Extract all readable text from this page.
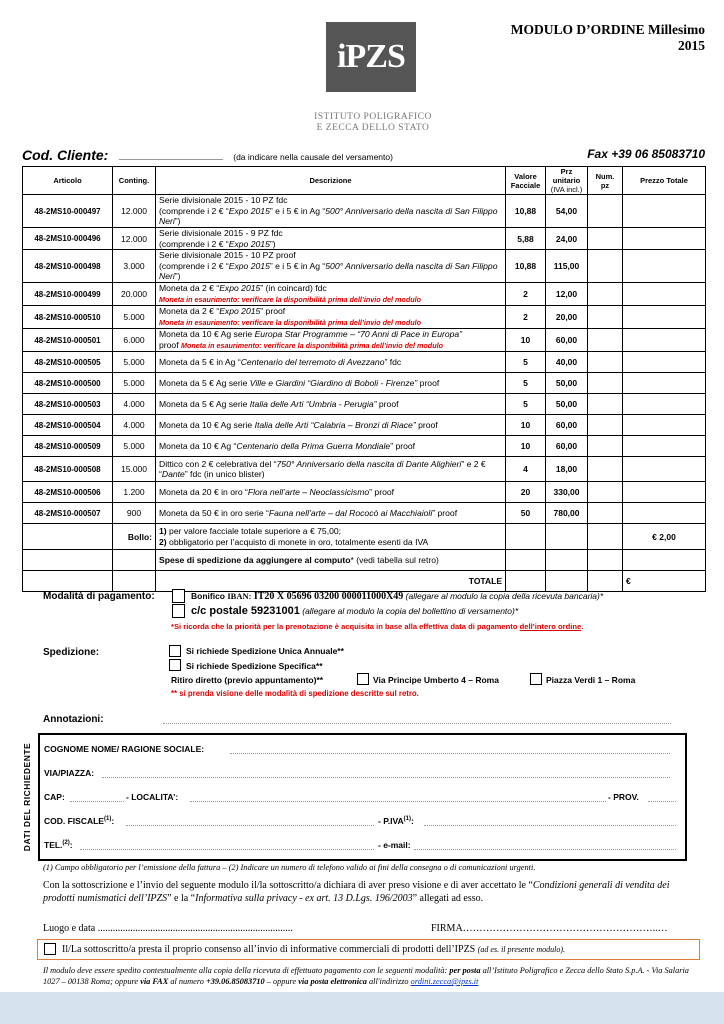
MODULO D’ORDINE Millesimo 2015
iPZS
ISTITUTO POLIGRAFICO
E ZECCA DELLO STATO
Cod. Cliente:	(da indicare nella causale del versamento)	Fax +39 06 85083710
Articolo	Conting.	Descrizione	Valore Facciale	Prz unitario
(IVA incl.)	Num. pz	Prezzo Totale
48-2MS10-000497	12.000	Serie divisionale 2015 - 10 PZ fdc
(comprende i 2 € “Expo 2015” e i 5 € in Ag “500° Anniversario della nascita di San Filippo Neri”)	10,88	54,00		
48-2MS10-000496	12.000	Serie divisionale 2015 - 9 PZ fdc
(comprende i 2 € “Expo 2015”)	5,88	24,00		
48-2MS10-000498	3.000	Serie divisionale 2015 - 10 PZ proof
(comprende i 2 € “Expo 2015” e i 5 € in Ag “500° Anniversario della nascita di San Filippo Neri”)	10,88	115,00		
48-2MS10-000499	20.000	Moneta da 2 € “Expo 2015” (in coincard) fdc
Moneta in esaurimento: verificare la disponibilità prima dell’invio del modulo	2	12,00		
48-2MS10-000510	5.000	Moneta da 2 € “Expo 2015” proof
Moneta in esaurimento: verificare la disponibilità prima dell’invio del modulo	2	20,00		
48-2MS10-000501	6.000	Moneta da 10 € Ag serie Europa Star Programme – “70 Anni di Pace in Europa”
proof Moneta in esaurimento: verificare la disponibilità prima dell’invio del modulo	10	60,00		
48-2MS10-000505	5.000	Moneta da 5 € in Ag “Centenario del terremoto di Avezzano” fdc	5	40,00		
48-2MS10-000500	5.000	Moneta da 5 € Ag serie Ville e Giardini “Giardino di Boboli - Firenze” proof	5	50,00		
48-2MS10-000503	4.000	Moneta da 5 € Ag serie Italia delle Arti “Umbria - Perugia” proof	5	50,00		
48-2MS10-000504	4.000	Moneta da 10 € Ag serie Italia delle Arti “Calabria – Bronzi di Riace” proof	10	60,00		
48-2MS10-000509	5.000	Moneta da 10 € Ag “Centenario della Prima Guerra Mondiale” proof	10	60,00		
48-2MS10-000508	15.000	Dittico con 2 € celebrativa del “750° Anniversario della nascita di Dante Alighieri” e 2 € “Dante” fdc (in unico blister)	4	18,00		
48-2MS10-000506	1.200	Moneta da 20 € in oro “Flora nell’arte – Neoclassicismo” proof	20	330,00		
48-2MS10-000507	900	Moneta da 50 € in oro serie “Fauna nell’arte – dal Rococò ai Macchiaioli” proof	50	780,00		
	Bollo:	1) per valore facciale totale superiore a € 75,00;
2) obbligatorio per l’acquisto di monete in oro, totalmente esenti da IVA				€ 2,00
		Spese di spedizione da aggiungere al computo* (vedi tabella sul retro)				
		TOTALE				€
Modalità di pagamento:	Bonifico IBAN: IT20 X 05696 03200 000011000X49 (allegare al modulo la copia della ricevuta bancaria)*
c/c postale 59231001 (allegare al modulo la copia del bollettino di versamento)*
*Si ricorda che la priorità per la prenotazione è acquisita in base alla effettiva data di pagamento dell’intero ordine.
Spedizione:	Si richiede Spedizione Unica Annuale**
Si richiede Spedizione Specifica**
Ritiro diretto (previo appuntamento)**	Via Principe Umberto 4 – Roma	Piazza Verdi 1 – Roma
** si prenda visione delle modalità di spedizione descritte sul retro.
Annotazioni:
DATI DEL RICHIEDENTE COGNOME NOME/ RAGIONE SOCIALE:
VIA/PIAZZA:
CAP:	- LOCALITA’:	- PROV.
COD. FISCALE$^{(1)}$:	- P.IVA$^{(1)}$:
TEL.$^{(2)}$:	- e-mail:
(1) Campo obbligatorio per l’emissione della fattura – (2) Indicare un numero di telefono valido ai fini della consegna o di comunicazioni urgenti.
Con la sottoscrizione e l’invio del seguente modulo il/la sottoscritto/a dichiara di aver preso visione e di aver accettato le “Condizioni generali di vendita dei prodotti numismatici dell’IPZS” e la “Informativa sulla privacy - ex art. 13 D.Lgs. 196/2003” allegati ad esso.
Luogo e data ..............................................................................	FIRMA…………………………………………………..…
Il/La sottoscritto/a presta il proprio consenso all’invio di informative commerciali di prodotti dell’IPZS (ad es. il presente modulo).
Il modulo deve essere spedito contestualmente alla copia della ricevuta di effettuato pagamento con le seguenti modalità: per posta all’Istituto Poligrafico e Zecca dello Stato S.p.A. - Via Salaria 1027 – 00138 Roma; oppure via FAX al numero +39.06.85083710 – oppure via posta elettronica all'indirizzo ordini.zecca@ipzs.it
